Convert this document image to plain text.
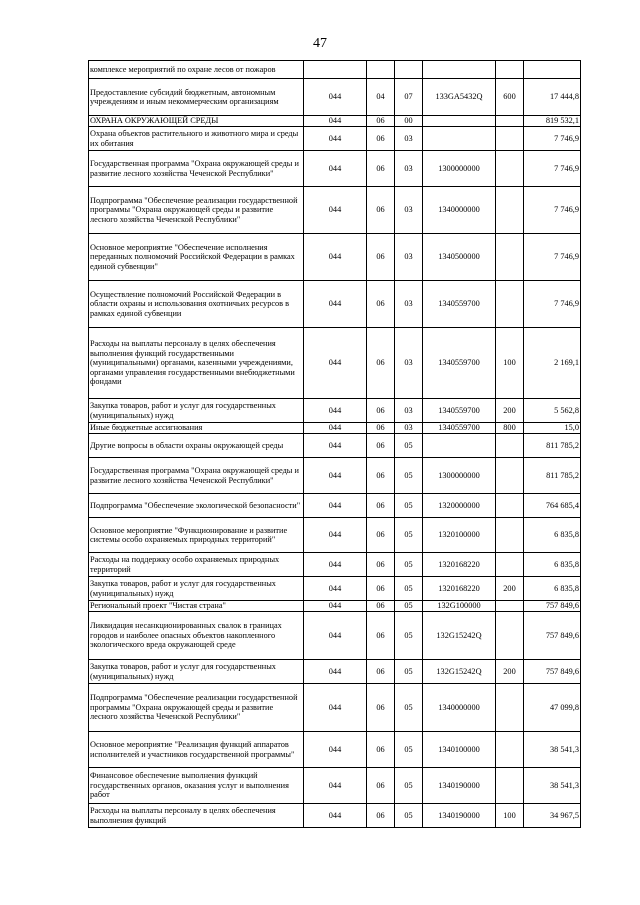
47
комплексе мероприятий по охране лесов от пожаров						
Предоставление субсидий бюджетным, автономным учреждениям и иным некоммерческим организациям	044	04	07	133GA5432Q	600	17 444,8
ОХРАНА ОКРУЖАЮЩЕЙ СРЕДЫ	044	06	00			819 532,1
Охрана объектов растительного и животного мира и среды их обитания	044	06	03			7 746,9
Государственная программа "Охрана окружающей среды и развитие лесного хозяйства Чеченской Республики"	044	06	03	1300000000		7 746,9
Подпрограмма "Обеспечение реализации государственной программы "Охрана окружающей среды и развитие лесного хозяйства Чеченской Республики"	044	06	03	1340000000		7 746,9
Основное мероприятие "Обеспечение исполнения переданных полномочий Российской Федерации в рамках единой субвенции"	044	06	03	1340500000		7 746,9
Осуществление полномочий Российской Федерации в области охраны и использования охотничьих ресурсов в рамках единой субвенции	044	06	03	1340559700		7 746,9
Расходы на выплаты персоналу в целях обеспечения выполнения функций государственными (муниципальными) органами, казенными учреждениями, органами управления государственными внебюджетными фондами	044	06	03	1340559700	100	2 169,1
Закупка товаров, работ и услуг для государственных (муниципальных) нужд	044	06	03	1340559700	200	5 562,8
Иные бюджетные ассигнования	044	06	03	1340559700	800	15,0
Другие вопросы в области охраны окружающей среды	044	06	05			811 785,2
Государственная программа "Охрана окружающей среды и развитие лесного хозяйства Чеченской Республики"	044	06	05	1300000000		811 785,2
Подпрограмма "Обеспечение экологической безопасности"	044	06	05	1320000000		764 685,4
Основное мероприятие "Функционирование и развитие системы особо охраняемых природных территорий"	044	06	05	1320100000		6 835,8
Расходы на поддержку особо охраняемых природных территорий	044	06	05	1320168220		6 835,8
Закупка товаров, работ и услуг для государственных (муниципальных) нужд	044	06	05	1320168220	200	6 835,8
Региональный проект "Чистая страна"	044	06	05	132G100000		757 849,6
Ликвидация несанкционированных свалок в границах городов и наиболее опасных объектов накопленного экологического вреда окружающей среде	044	06	05	132G15242Q		757 849,6
Закупка товаров, работ и услуг для государственных (муниципальных) нужд	044	06	05	132G15242Q	200	757 849,6
Подпрограмма "Обеспечение реализации государственной программы "Охрана окружающей среды и развитие лесного хозяйства Чеченской Республики"	044	06	05	1340000000		47 099,8
Основное мероприятие "Реализация функций аппаратов исполнителей и участников государственной программы"	044	06	05	1340100000		38 541,3
Финансовое обеспечение выполнения функций государственных органов, оказания услуг и выполнения работ	044	06	05	1340190000		38 541,3
Расходы на выплаты персоналу в целях обеспечения выполнения функций	044	06	05	1340190000	100	34 967,5
